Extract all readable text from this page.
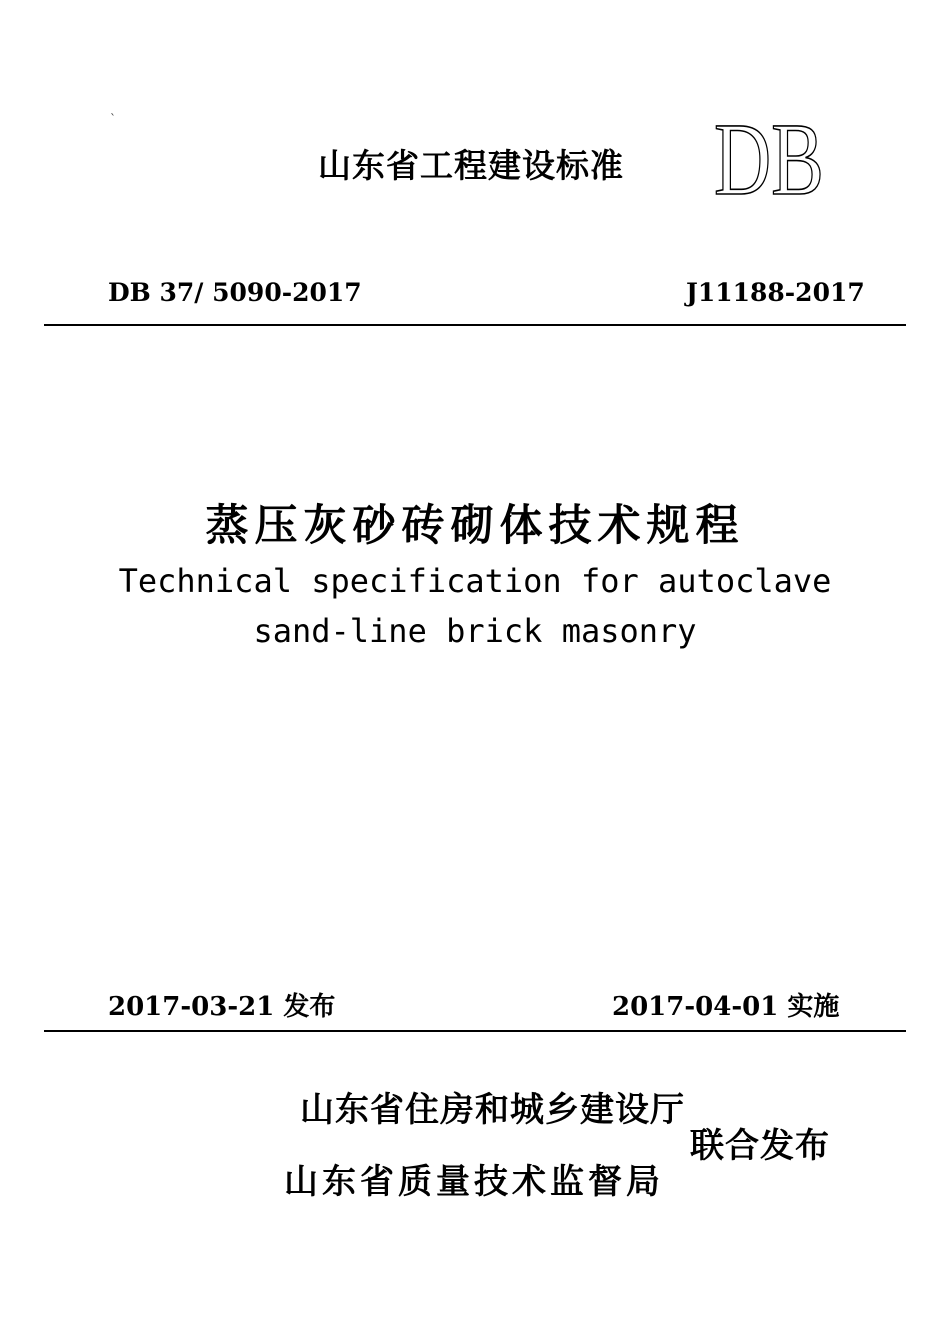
`
山东省工程建设标准 DB
DB 37/ 5090-2017	J11188-2017
蒸压灰砂砖砌体技术规程
Technical specification for autoclave
sand-line brick masonry
2017-03-21 发布	2017-04-01 实施
山东省住房和城乡建设厅
山东省质量技术监督局
联合发布
